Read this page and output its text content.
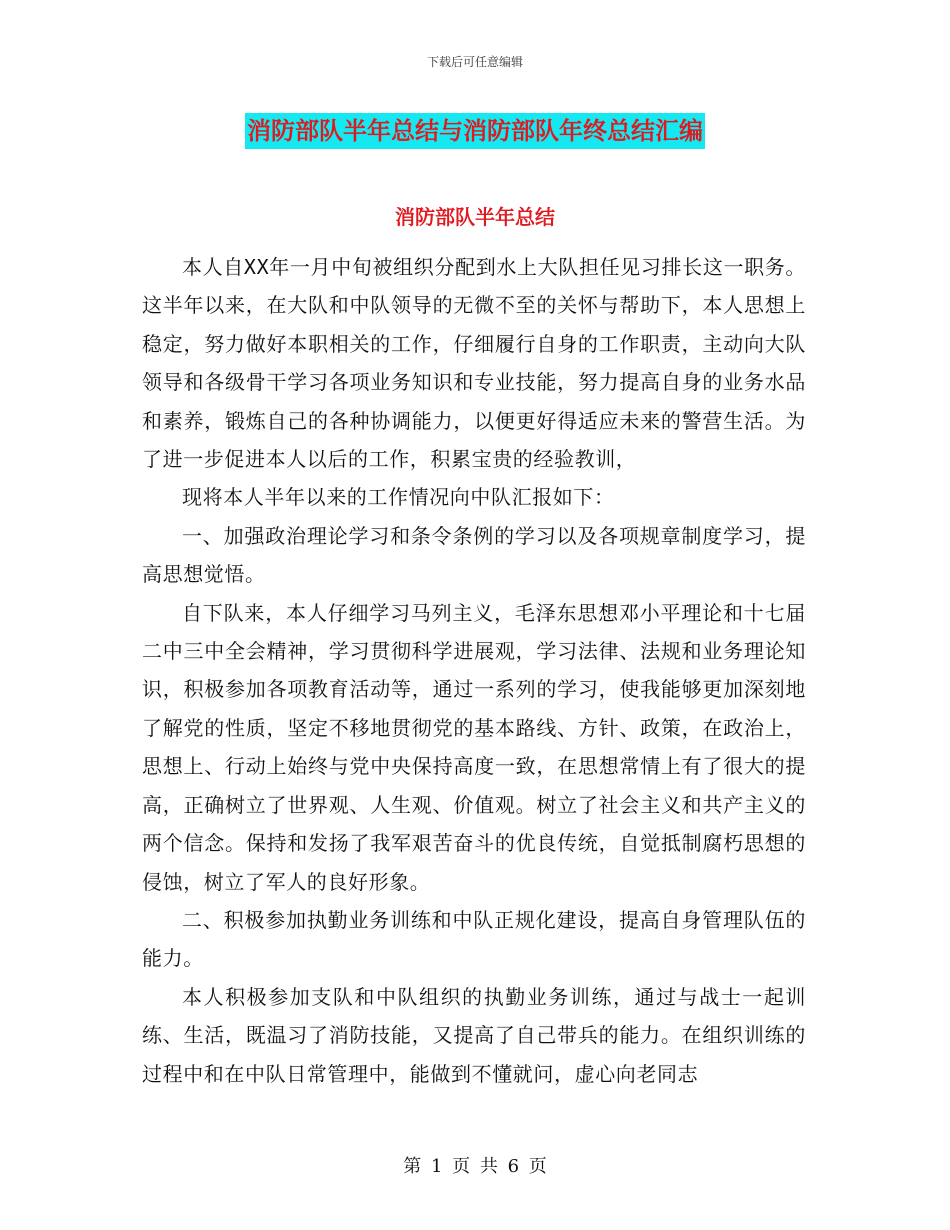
下载后可任意编辑
消防部队半年总结与消防部队年终总结汇编
消防部队半年总结

本人自XX年一月中旬被组织分配到水上大队担任见习排长这一职务。这半年以来，在大队和中队领导的无微不至的关怀与帮助下，本人思想上稳定，努力做好本职相关的工作，仔细履行自身的工作职责，主动向大队领导和各级骨干学习各项业务知识和专业技能，努力提高自身的业务水品和素养，锻炼自己的各种协调能力，以便更好得适应未来的警营生活。为了进一步促进本人以后的工作，积累宝贵的经验教训，

现将本人半年以来的工作情况向中队汇报如下：

一、加强政治理论学习和条令条例的学习以及各项规章制度学习，提高思想觉悟。

自下队来，本人仔细学习马列主义，毛泽东思想邓小平理论和十七届二中三中全会精神，学习贯彻科学进展观，学习法律、法规和业务理论知识，积极参加各项教育活动等，通过一系列的学习，使我能够更加深刻地了解党的性质，坚定不移地贯彻党的基本路线、方针、政策，在政治上，思想上、行动上始终与党中央保持高度一致，在思想常情上有了很大的提高，正确树立了世界观、人生观、价值观。树立了社会主义和共产主义的两个信念。保持和发扬了我军艰苦奋斗的优良传统，自觉抵制腐朽思想的侵蚀，树立了军人的良好形象。

二、积极参加执勤业务训练和中队正规化建设，提高自身管理队伍的能力。

本人积极参加支队和中队组织的执勤业务训练，通过与战士一起训练、生活，既温习了消防技能，又提高了自己带兵的能力。在组织训练的过程中和在中队日常管理中，能做到不懂就问，虚心向老同志

第 1 页 共 6 页
